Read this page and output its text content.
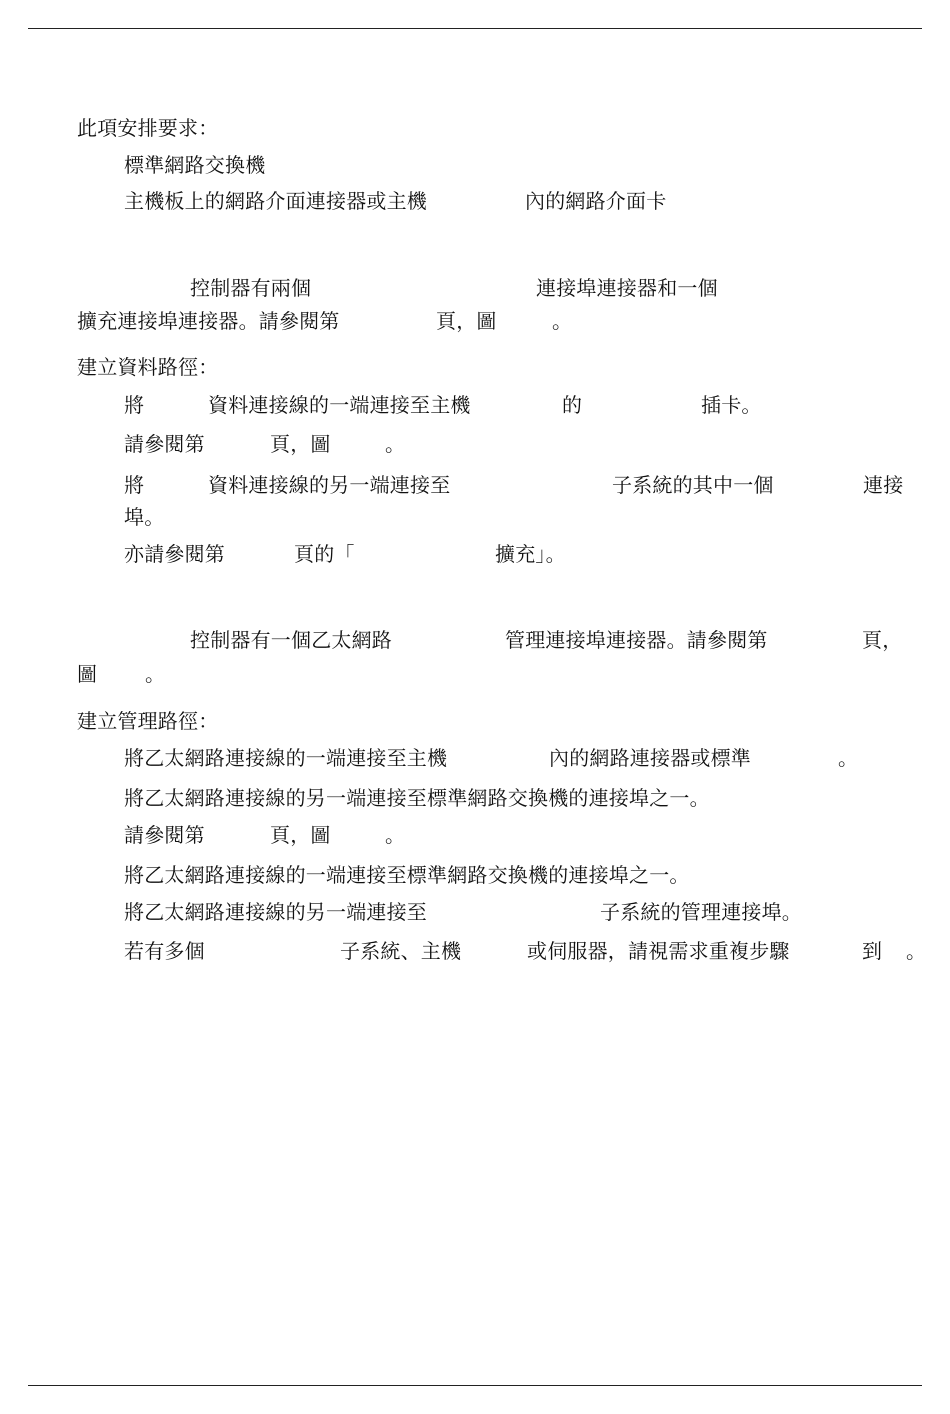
此項安排要求：
標準網路交換機
主機板上的網路介面連接器或主機	內的網路介面卡
控制器有兩個	連接埠連接器和一個
擴充連接埠連接器。請參閱第	頁，圖	。
建立資料路徑：
將	資料連接線的一端連接至主機	的	插卡。
請參閱第	頁，圖	。
將	資料連接線的另一端連接至	子系統的其中一個	連接
埠。
亦請參閱第	頁的「	擴充」。
控制器有一個乙太網路	管理連接埠連接器。請參閱第	頁，
圖 。
建立管理路徑：
將乙太網路連接線的一端連接至主機	內的網路連接器或標準	。
將乙太網路連接線的另一端連接至標準網路交換機的連接埠之一。
請參閱第	頁，圖	。
將乙太網路連接線的一端連接至標準網路交換機的連接埠之一。
將乙太網路連接線的另一端連接至	子系統的管理連接埠。
若有多個	子系統、主機	或伺服器，請視需求重複步驟	到 。
